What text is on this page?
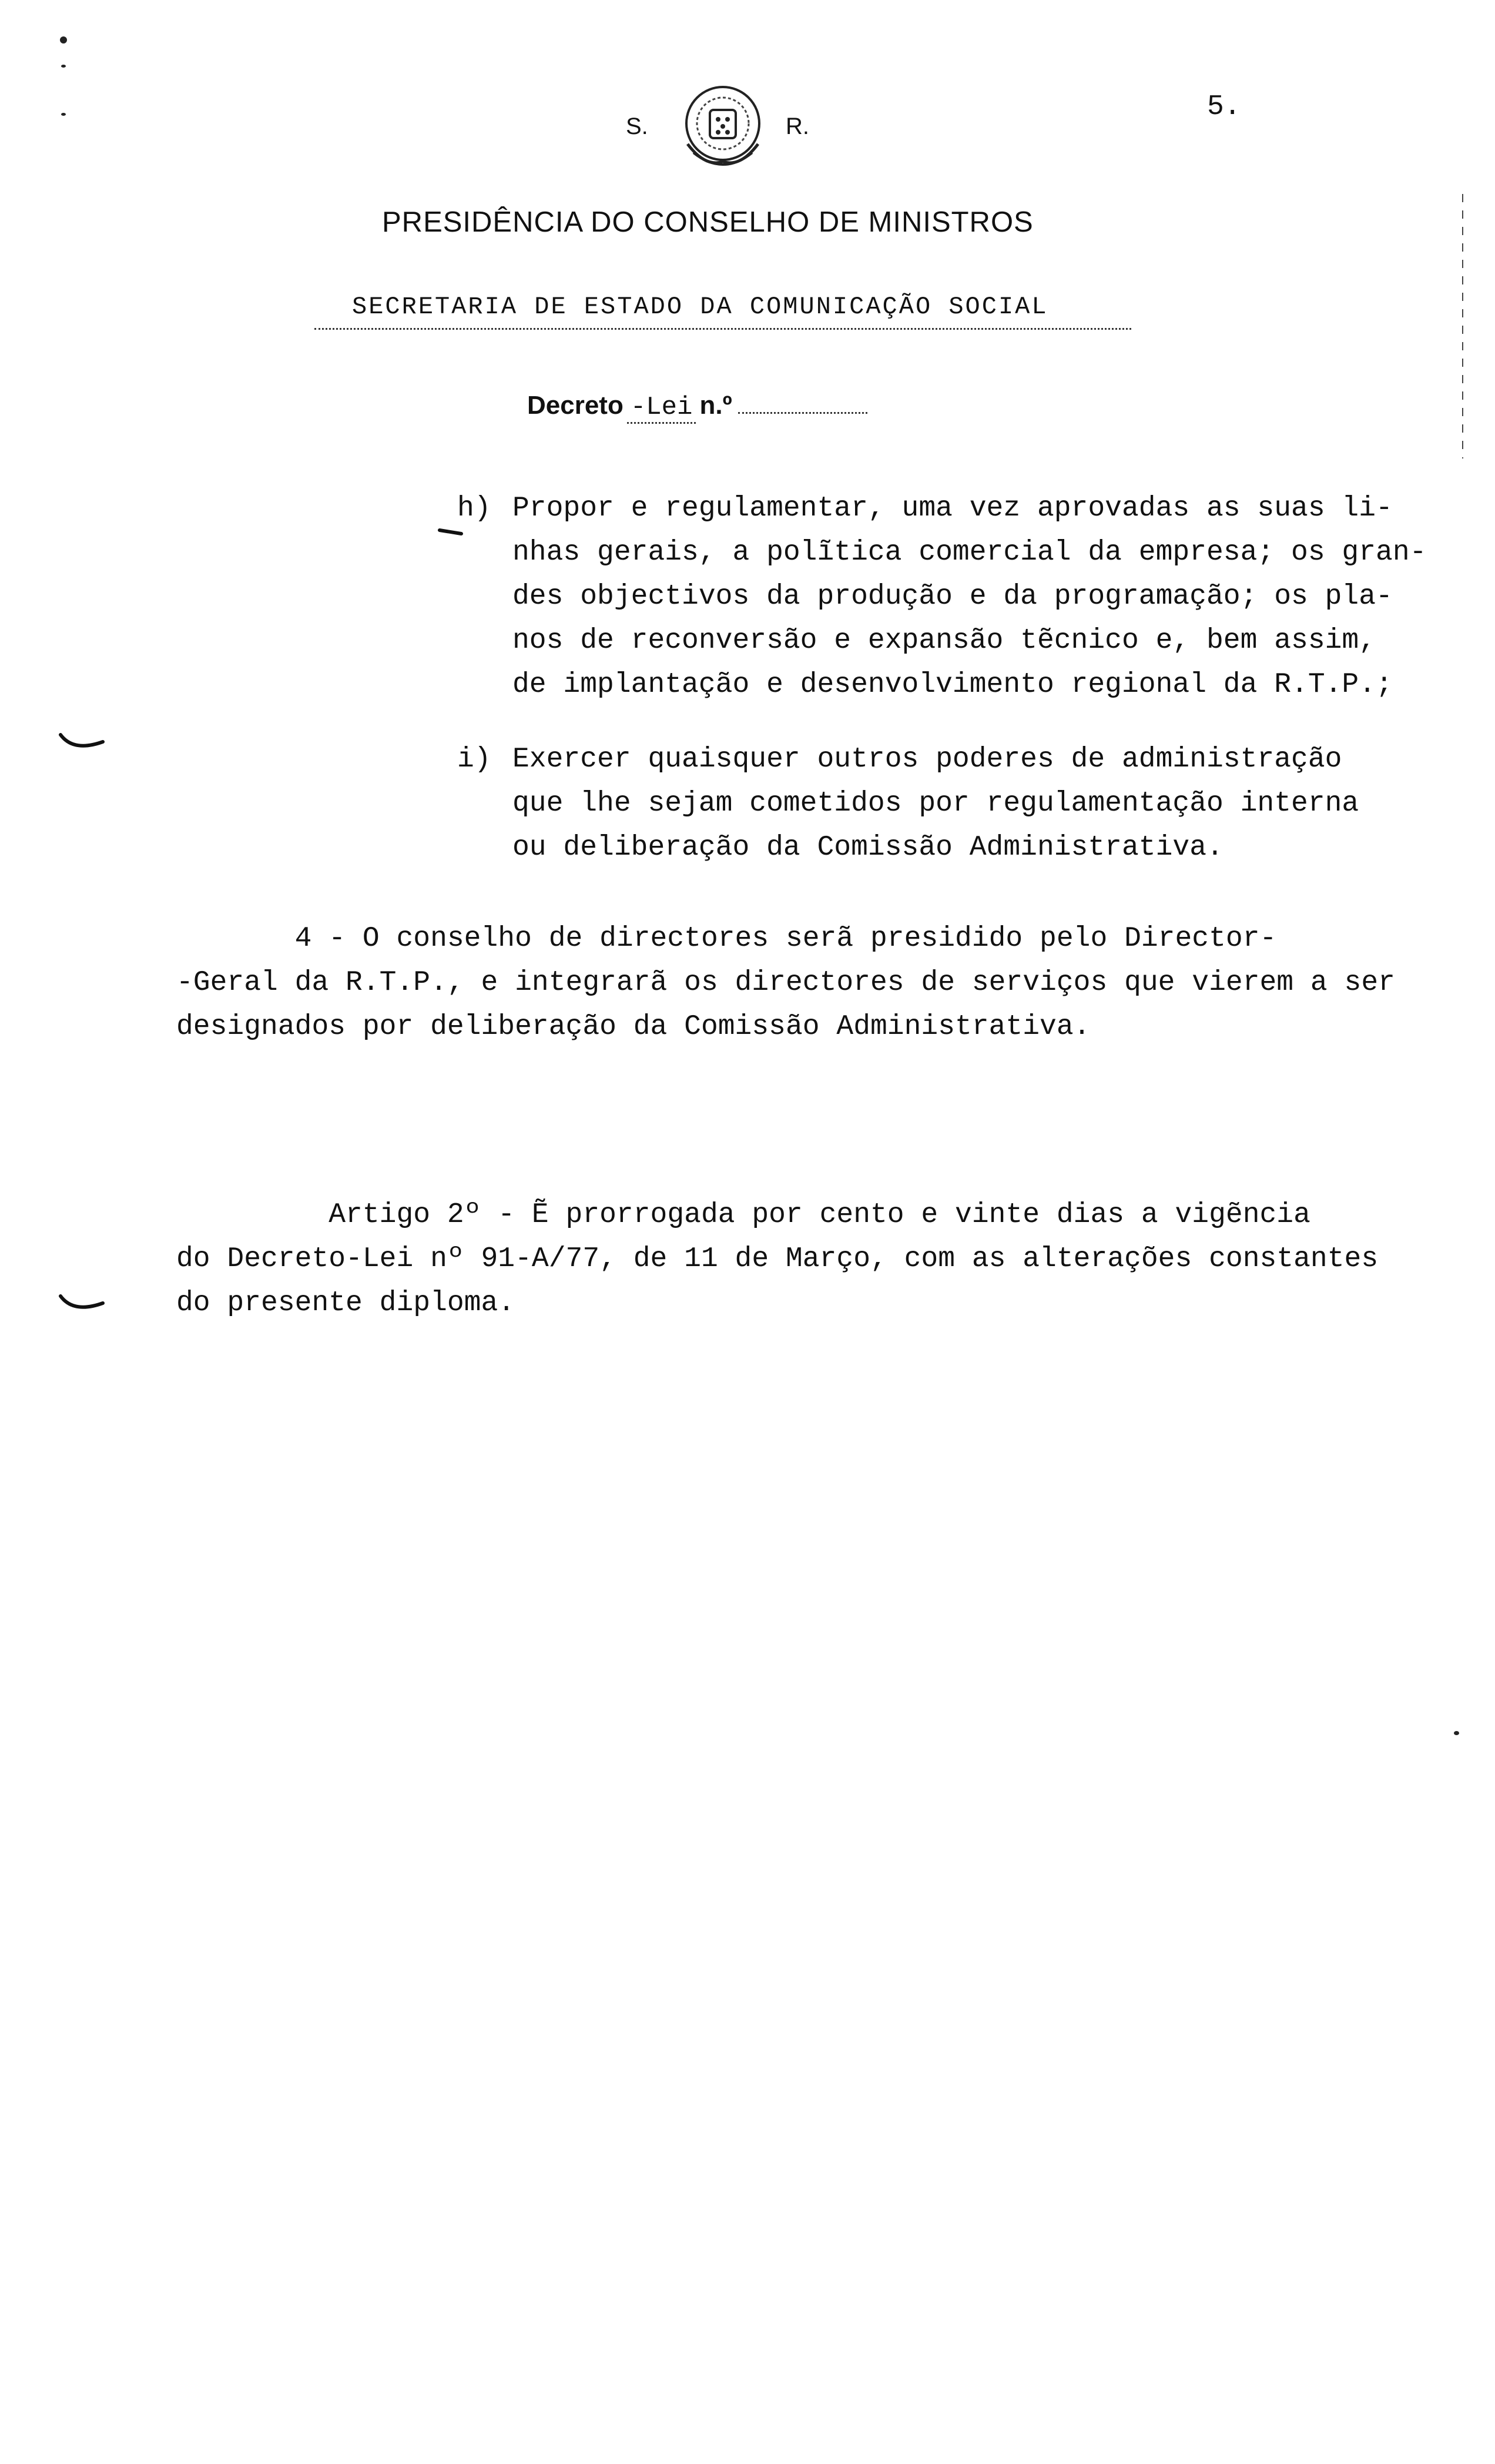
5.
S.	R.
PRESIDÊNCIA DO CONSELHO DE MINISTROS
SECRETARIA DE ESTADO DA COMUNICAÇÃO SOCIAL
Decreto -Lei n.º
h) Propor e regulamentar, uma vez aprovadas as suas li-
nhas gerais, a polĩtica comercial da empresa; os gran-
des objectivos da produção e da programação; os pla-
nos de reconversão e expansão tẽcnico e, bem assim,
de implantação e desenvolvimento regional da R.T.P.;
i) Exercer quaisquer outros poderes de administração
que lhe sejam cometidos por regulamentação interna
ou deliberação da Comissão Administrativa.
4 - O conselho de directores serã presidido pelo Director-
-Geral da R.T.P., e integrarã os directores de serviços que vierem a ser
designados por deliberação da Comissão Administrativa.
Artigo 2º - Ẽ prorrogada por cento e vinte dias a vigẽncia
do Decreto-Lei nº 91-A/77, de 11 de Março, com as alterações constantes
do presente diploma.
